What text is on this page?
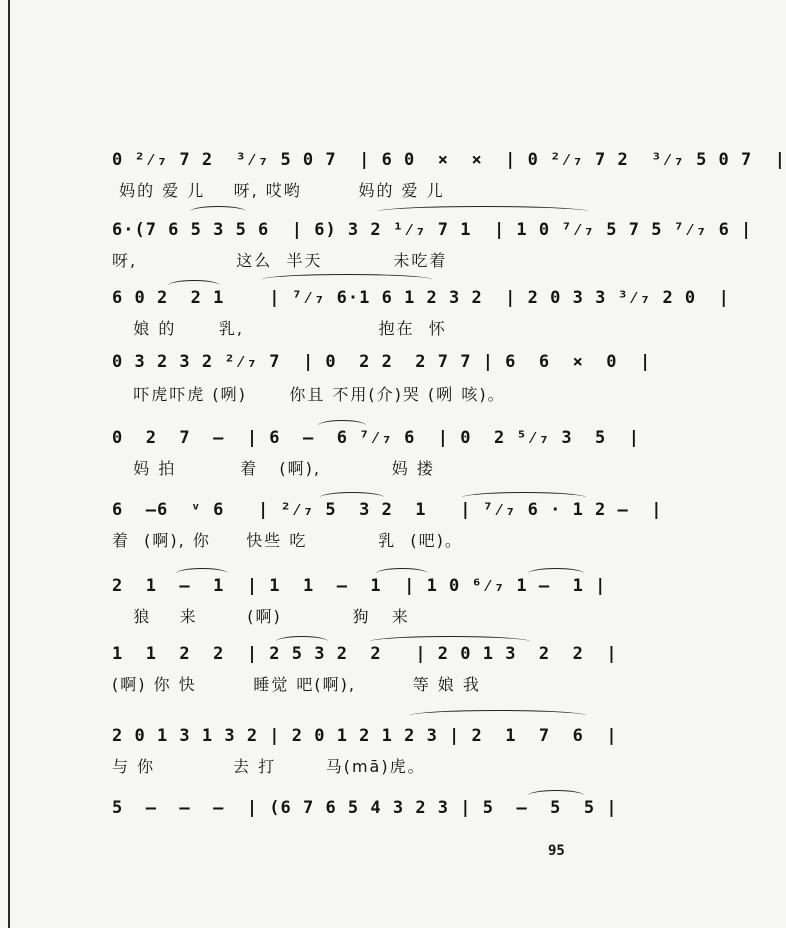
0 ²⁄₇ 7 2  ³⁄₇ 5 0 7  | 6 0  ×  ×  | 0 ²⁄₇ 7 2  ³⁄₇ 5 0 7  |
妈的 爱 儿    呀, 哎哟        妈的 爱 儿
6·(7 6 5 3 5 6  | 6) 3 2 ¹⁄₇ 7 1  | 1 0 ⁷⁄₇ 5 7 5 ⁷⁄₇ 6 |
呀,              这么  半天          未吃着
6 0 2  2 1    | ⁷⁄₇ 6·1 6 1 2 3 2  | 2 0 3 3 ³⁄₇ 2 0  |
娘 的      乳,                   抱在  怀
0 3 2 3 2 ²⁄₇ 7  | 0  2 2  2 7 7 | 6  6  ×  0  |
吓虎吓虎 (咧)      你且 不用(介)哭 (咧 咳)。
0  2  7  —  | 6  —  6 ⁷⁄₇ 6  | 0  2 ⁵⁄₇ 3  5  |
妈 拍         着   (啊),          妈 搂
6  —6  ᵛ 6   | ²⁄₇ 5  3 2  1   | ⁷⁄₇ 6 · 1 2 —  |
着  (啊), 你     快些 吃          乳  (吧)。
2  1  —  1  | 1  1  —  1  | 1 0 ⁶⁄₇ 1 —  1 |
狼    来       (啊)          狗   来
1  1  2  2  | 2 5 3 2  2   | 2 0 1 3  2  2  |
(啊) 你 快        睡觉 吧(啊),        等 娘 我
2 0 1 3 1 3 2 | 2 0 1 2 1 2 3 | 2  1  7  6  |
与 你           去 打       马(mā)虎。
5  —  —  —  | (6 7 6 5 4 3 2 3 | 5  —  5  5 |
95
